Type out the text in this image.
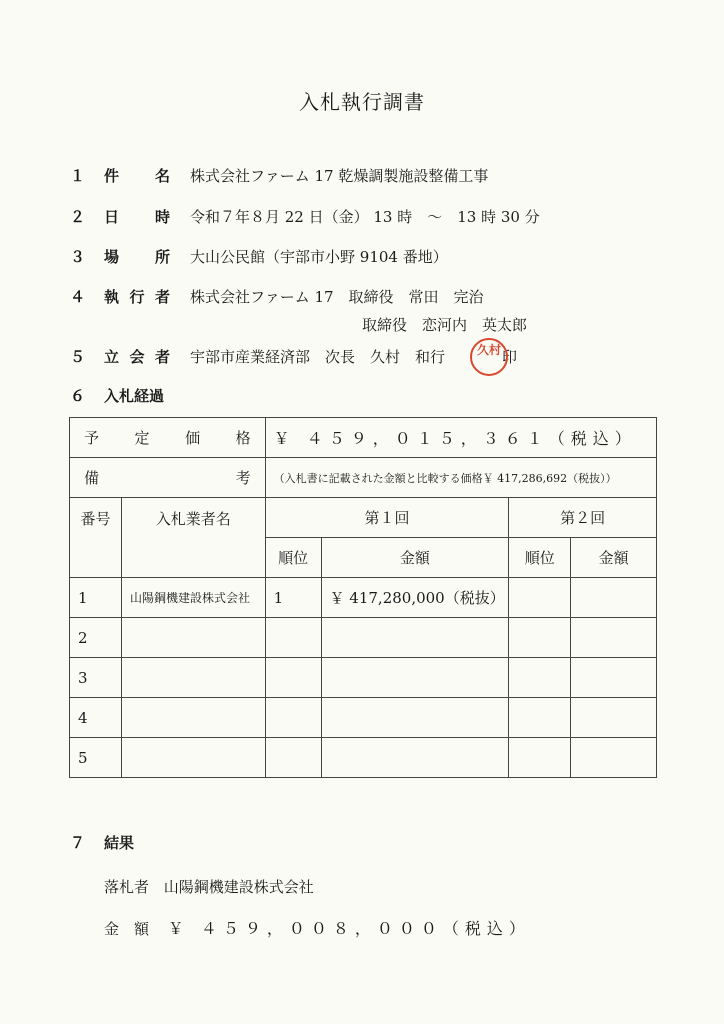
入札執行調書
１ 件 名 株式会社ファーム 17 乾燥調製施設整備工事
２ 日 時 令和７年８月 22 日（金） 13 時　～　13 時 30 分
３ 場 所 大山公民館（宇部市小野 9104 番地）
４ 執 行 者 株式会社ファーム 17　取締役　常田　完治
取締役　恋河内　英太郎
５ 立 会 者 宇部市産業経済部　次長　久村　和行	印
久村
６ 入札経過
予 定 価 格		￥ ４５９，０１５，３６１（税込）			

備 考		（入札書に記載された金額と比較する価格￥ 417,286,692（税抜））			
番号	入札業者名	第１回		第２回	
		順位	金額	順位	金額
1	山陽鋼機建設株式会社	1	￥ 417,280,000（税抜）		
2					
3					
4					
5					
７ 結果
落札者 山陽鋼機建設株式会社
金　額 ￥ ４５９，００８，０００（税込）
